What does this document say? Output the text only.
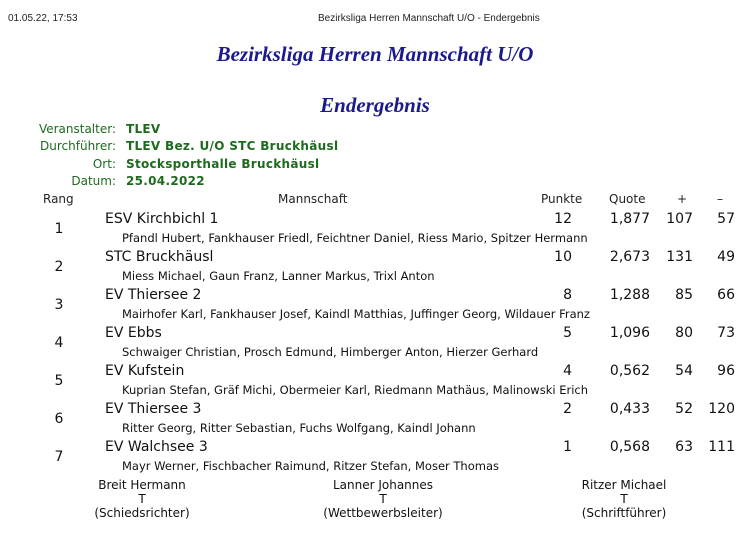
01.05.22, 17:53	Bezirksliga Herren Mannschaft U/O - Endergebnis
Bezirksliga Herren Mannschaft U/O
Endergebnis
Veranstalter: TLEV
Durchführer: TLEV Bez. U/O STC Bruckhäusl
Ort: Stocksporthalle Bruckhäusl
Datum: 25.04.2022
Rang	Mannschaft	Punkte Quote	+ –
1
ESV Kirchbichl 1	12	1,877 107 57
Pfandl Hubert, Fankhauser Friedl, Feichtner Daniel, Riess Mario, Spitzer Hermann
2
STC Bruckhäusl	10	2,673 131 49
Miess Michael, Gaun Franz, Lanner Markus, Trixl Anton
3
EV Thiersee 2	8	1,288 85 66
Mairhofer Karl, Fankhauser Josef, Kaindl Matthias, Juffinger Georg, Wildauer Franz
4
EV Ebbs	5	1,096 80 73
Schwaiger Christian, Prosch Edmund, Himberger Anton, Hierzer Gerhard
5
EV Kufstein	4	0,562 54 96
Kuprian Stefan, Gräf Michi, Obermeier Karl, Riedmann Mathäus, Malinowski Erich
6
EV Thiersee 3	2	0,433 52 120
Ritter Georg, Ritter Sebastian, Fuchs Wolfgang, Kaindl Johann
7
EV Walchsee 3	1	0,568 63 111
Mayr Werner, Fischbacher Raimund, Ritzer Stefan, Moser Thomas
Breit Hermann
T
(Schiedsrichter)
Lanner Johannes
T
(Wettbewerbsleiter)
Ritzer Michael
T
(Schriftführer)
